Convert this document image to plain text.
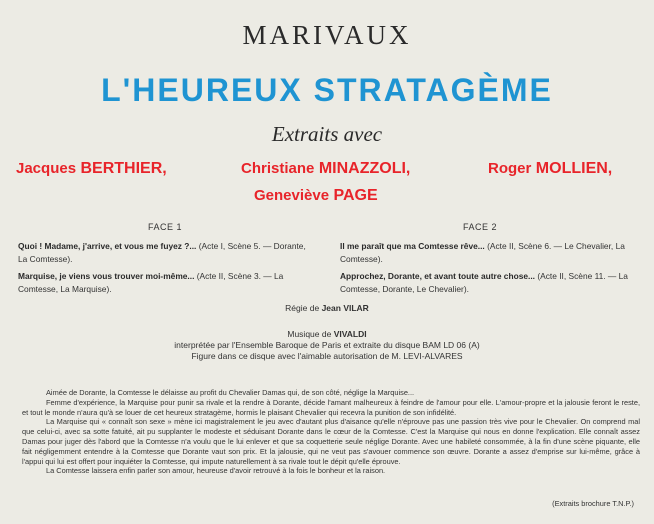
MARIVAUX
L'HEUREUX STRATAGÈME
Extraits avec
Jacques BERTHIER,	Christiane MINAZZOLI,	Roger MOLLIEN,
Geneviève PAGE
FACE 1	FACE 2
Quoi ! Madame, j'arrive, et vous me fuyez ?... (Acte I, Scène 5. — Dorante, La Comtesse).
Marquise, je viens vous trouver moi-même... (Acte II, Scène 3. — La Comtesse, La Marquise).
Il me paraît que ma Comtesse rêve... (Acte II, Scène 6. — Le Chevalier, La Comtesse).
Approchez, Dorante, et avant toute autre chose... (Acte II, Scène 11. — La Comtesse, Dorante, Le Chevalier).
Régie de Jean VILAR
Musique de VIVALDI
interprétée par l'Ensemble Baroque de Paris et extraite du disque BAM LD 06 (A)
Figure dans ce disque avec l'aimable autorisation de M. LEVI-ALVARES

Aimée de Dorante, la Comtesse le délaisse au profit du Chevalier Damas qui, de son côté, néglige la Marquise...

Femme d'expérience, la Marquise pour punir sa rivale et la rendre à Dorante, décide l'amant malheureux à feindre de l'amour pour elle. L'amour-propre et la jalousie feront le reste, et tout le monde n'aura qu'à se louer de cet heureux stratagème, hormis le plaisant Chevalier qui recevra la punition de son infidélité.

La Marquise qui « connaît son sexe » mène ici magistralement le jeu avec d'autant plus d'aisance qu'elle n'éprouve pas une passion très vive pour le Chevalier. On comprend mal que celui-ci, avec sa sotte fatuité, ait pu supplanter le modeste et séduisant Dorante dans le cœur de la Comtesse. C'est la Marquise qui nous en donne l'explication. Elle connaît assez Damas pour juger dès l'abord que la Comtesse n'a voulu que le lui enlever et que sa coquetterie seule néglige Dorante. Avec une habileté consommée, à la fin d'une scène piquante, elle fait négligemment entendre à la Comtesse que Dorante vaut son prix. Et la jalousie, qui ne veut pas s'avouer commence son œuvre. Dorante a assez d'emprise sur lui-même, grâce à l'appui qui lui est offert pour inquiéter la Comtesse, qui impute naturellement à sa rivale tout le dépit qu'elle éprouve.

La Comtesse laissera enfin parler son amour, heureuse d'avoir retrouvé à la fois le bonheur et la raison.

(Extraits brochure T.N.P.)
